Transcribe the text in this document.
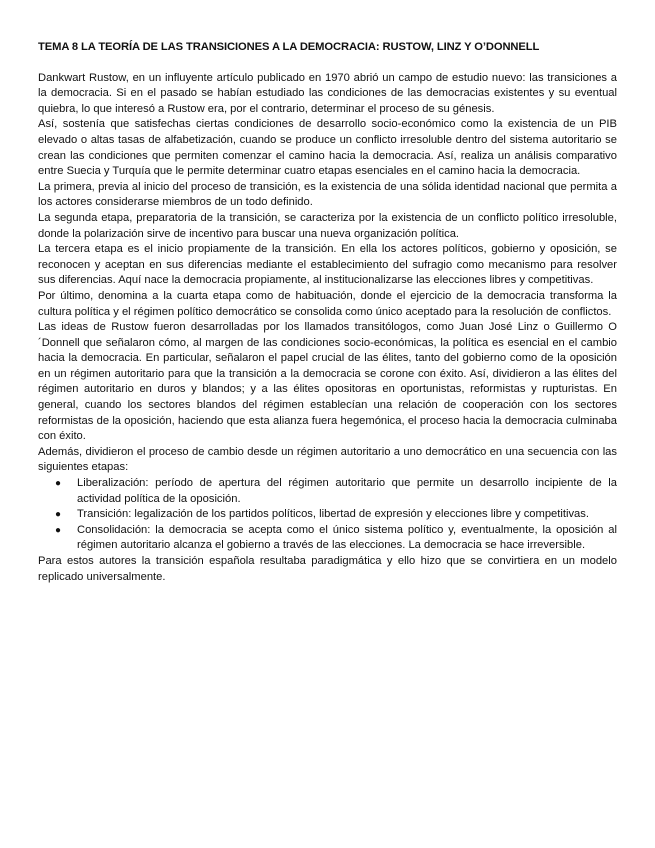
TEMA 8 LA TEORÍA DE LAS TRANSICIONES A LA DEMOCRACIA: RUSTOW, LINZ Y O’DONNELL

Dankwart Rustow, en un influyente artículo publicado en 1970 abrió un campo de estudio nuevo: las transiciones a la democracia. Si en el pasado se habían estudiado las condiciones de las democracias existentes y su eventual quiebra, lo que interesó a Rustow era, por el contrario, determinar el proceso de su génesis.

Así, sostenía que satisfechas ciertas condiciones de desarrollo socio-económico como la existencia de un PIB elevado o altas tasas de alfabetización, cuando se produce un conflicto irresoluble dentro del sistema autoritario se crean las condiciones que permiten comenzar el camino hacia la democracia. Así, realiza un análisis comparativo entre Suecia y Turquía que le permite determinar cuatro etapas esenciales en el camino hacia la democracia.

La primera, previa al inicio del proceso de transición, es la existencia de una sólida identidad nacional que permita a los actores considerarse miembros de un todo definido.

La segunda etapa, preparatoria de la transición, se caracteriza por la existencia de un conflicto político irresoluble, donde la polarización sirve de incentivo para buscar una nueva organización política.

La tercera etapa es el inicio propiamente de la transición. En ella los actores políticos, gobierno y oposición, se reconocen y aceptan en sus diferencias mediante el establecimiento del sufragio como mecanismo para resolver sus diferencias. Aquí nace la democracia propiamente, al institucionalizarse las elecciones libres y competitivas.

Por último, denomina a la cuarta etapa como de habituación, donde el ejercicio de la democracia transforma la cultura política y el régimen político democrático se consolida como único aceptado para la resolución de conflictos.

Las ideas de Rustow fueron desarrolladas por los llamados transitólogos, como Juan José Linz o Guillermo O´Donnell que señalaron cómo, al margen de las condiciones socio-económicas, la política es esencial en el cambio hacia la democracia. En particular, señalaron el papel crucial de las élites, tanto del gobierno como de la oposición en un régimen autoritario para que la transición a la democracia se corone con éxito. Así, dividieron a las élites del régimen autoritario en duros y blandos; y a las élites opositoras en oportunistas, reformistas y rupturistas. En general, cuando los sectores blandos del régimen establecían una relación de cooperación con los sectores reformistas de la oposición, haciendo que esta alianza fuera hegemónica, el proceso hacia la democracia culminaba con éxito.

Además, dividieron el proceso de cambio desde un régimen autoritario a uno democrático en una secuencia con las siguientes etapas:

● Liberalización: período de apertura del régimen autoritario que permite un desarrollo incipiente de la actividad política de la oposición.
● Transición: legalización de los partidos políticos, libertad de expresión y elecciones libre y competitivas.
● Consolidación: la democracia se acepta como el único sistema político y, eventualmente, la oposición al régimen autoritario alcanza el gobierno a través de las elecciones. La democracia se hace irreversible.

Para estos autores la transición española resultaba paradigmática y ello hizo que se convirtiera en un modelo replicado universalmente.
